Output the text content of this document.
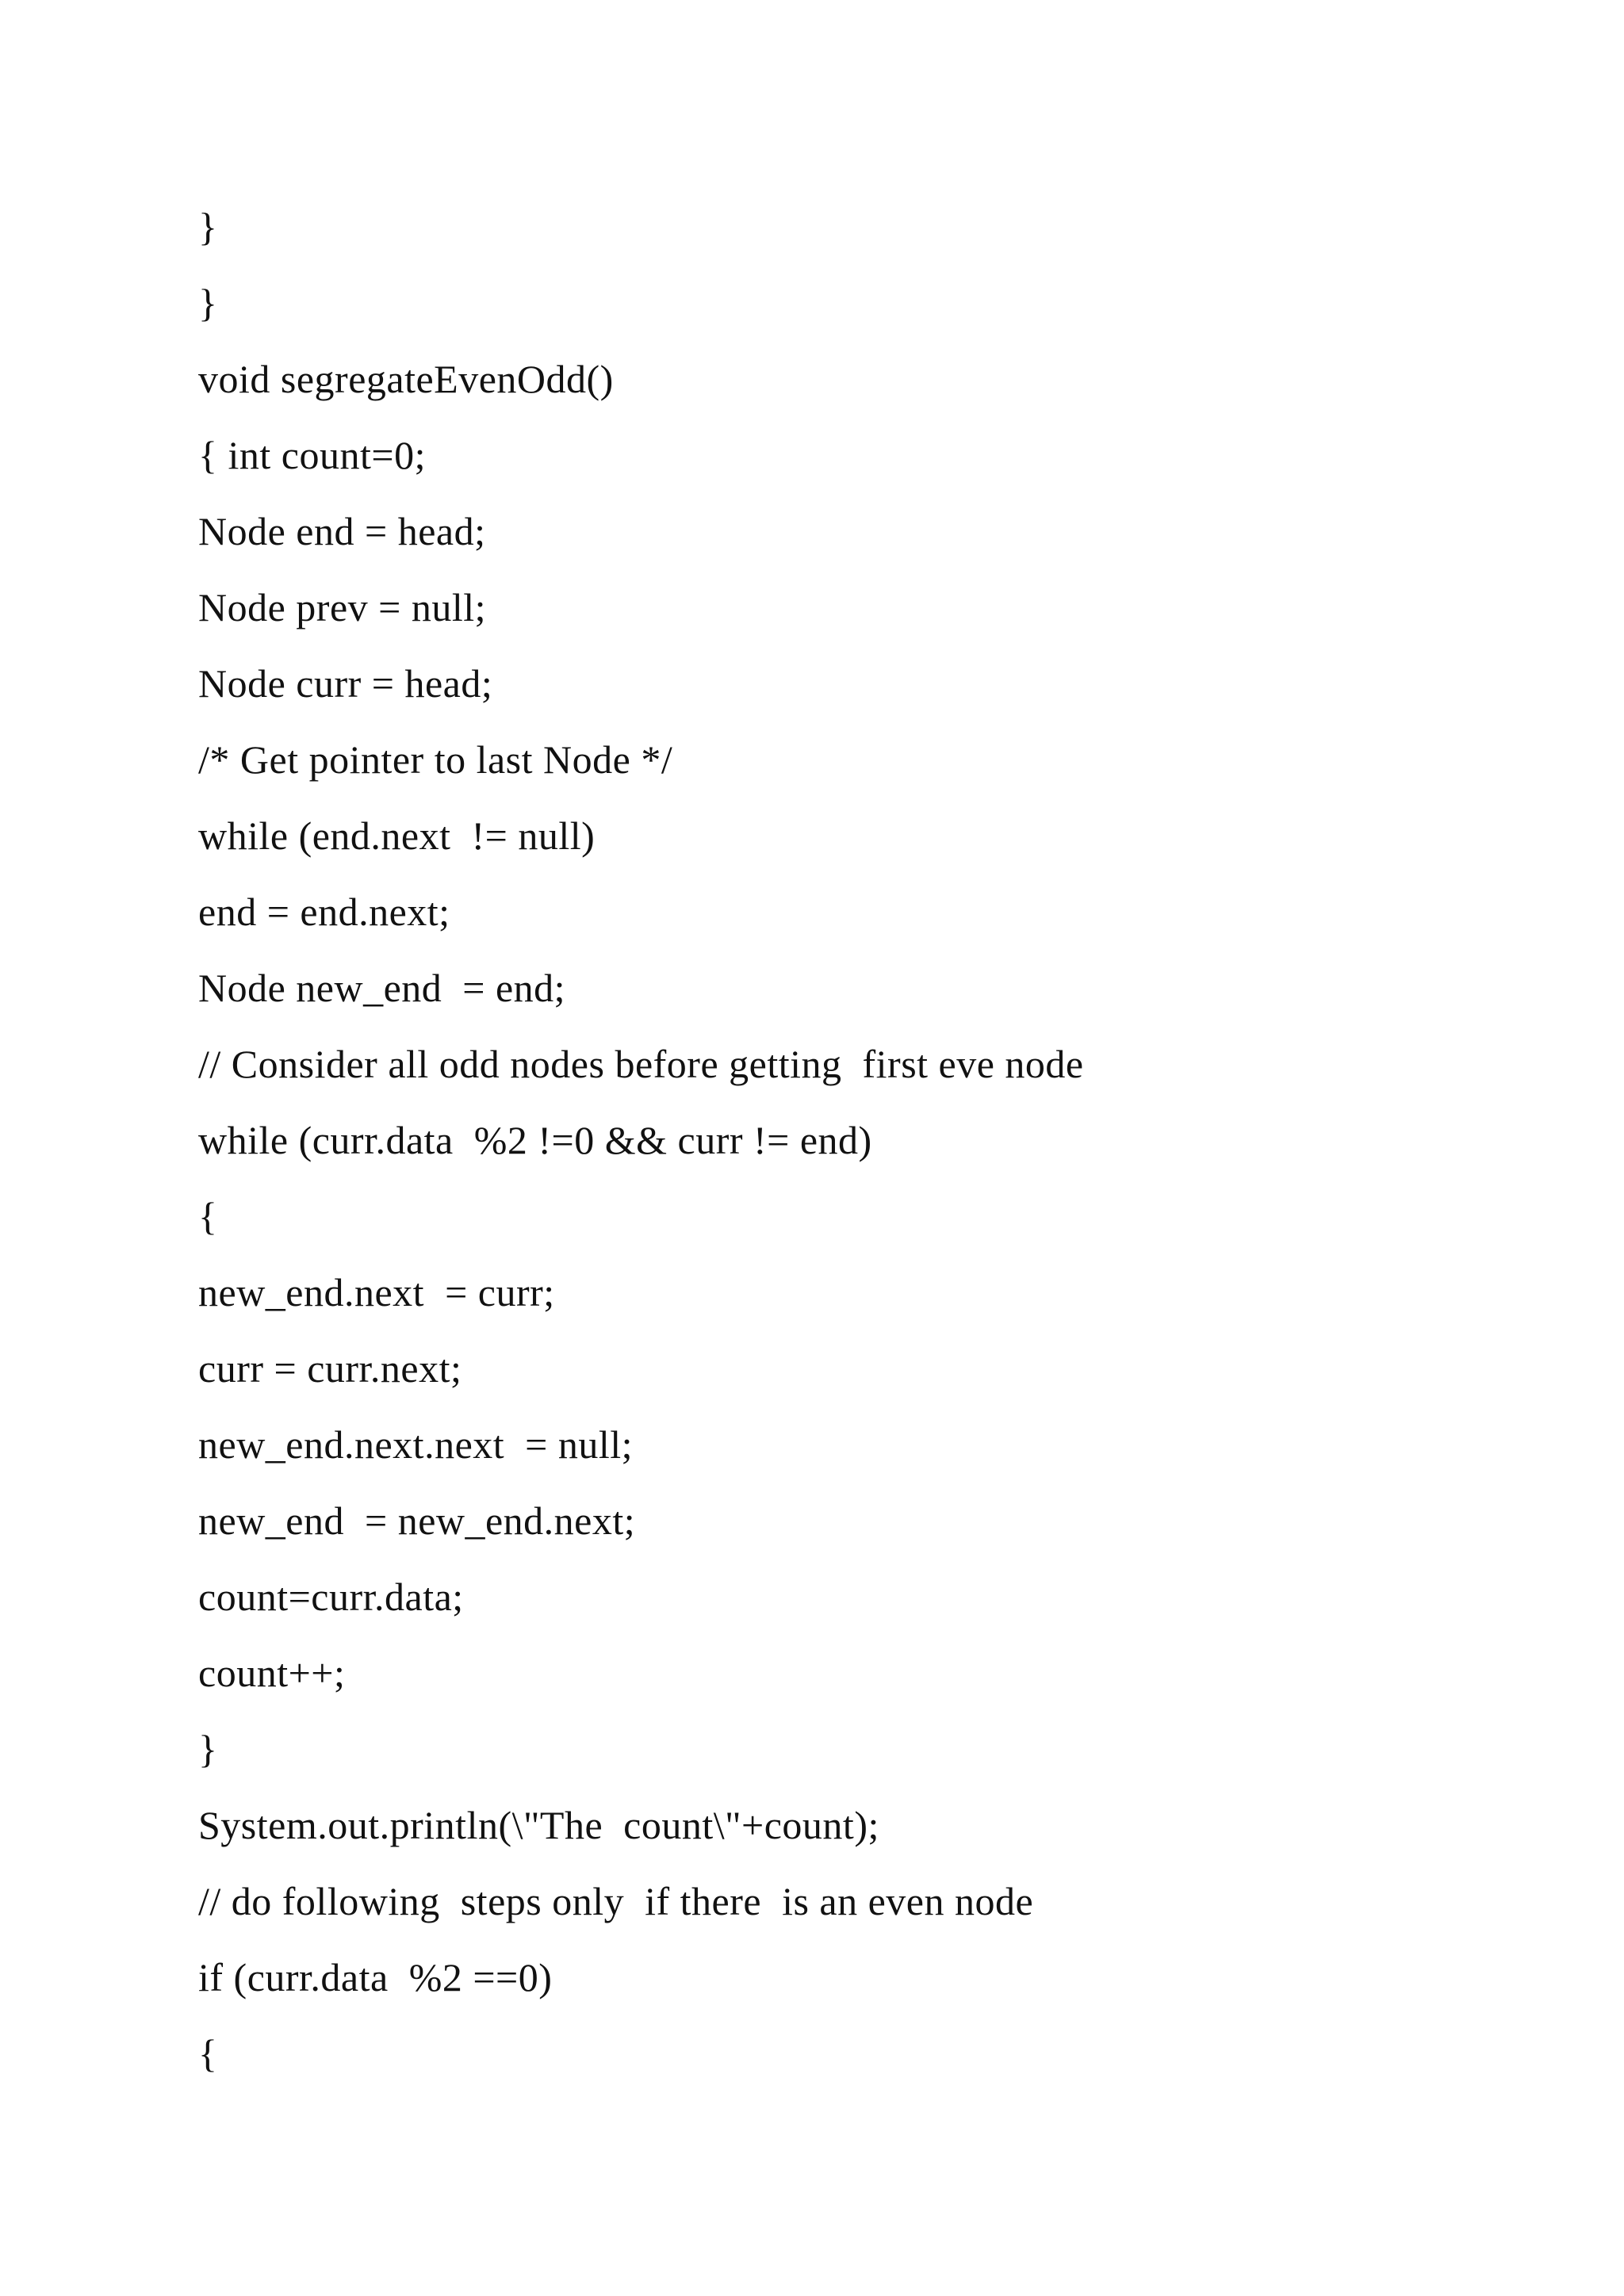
}
}
void segregateEvenOdd()
{ int count=0;
Node end = head;
Node prev = null;
Node curr = head;
/* Get pointer to last Node */
while (end.next  != null)
end = end.next;
Node new_end  = end;
// Consider all odd nodes before getting  first eve node
while (curr.data  %2 !=0 && curr != end)
{
new_end.next  = curr;
curr = curr.next;
new_end.next.next  = null;
new_end  = new_end.next;
count=curr.data;
count++;
}
System.out.println(\"The  count\"+count);
// do following  steps only  if there  is an even node
if (curr.data  %2 ==0)
{
